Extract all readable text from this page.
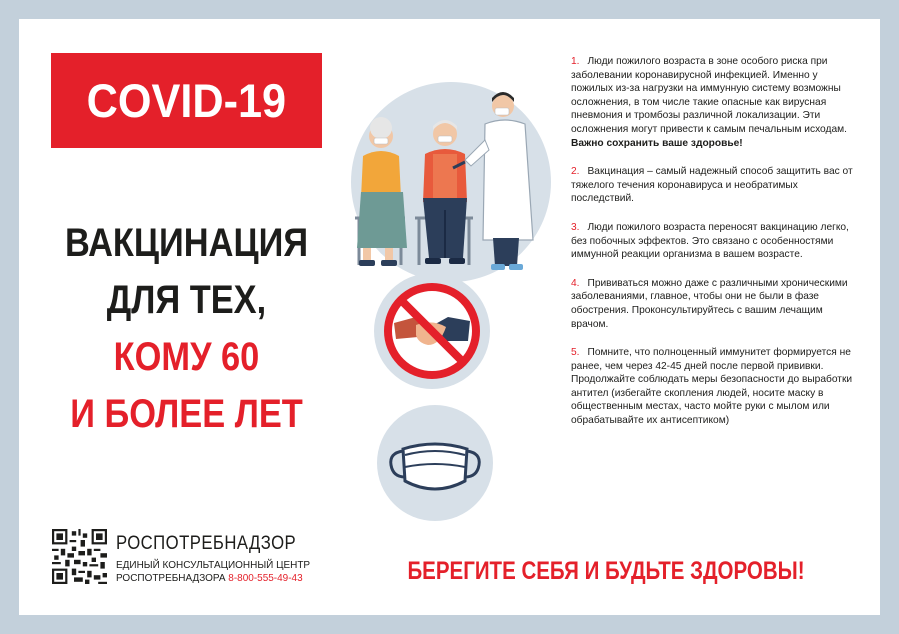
COVID-19
ВАКЦИНАЦИЯ
ДЛЯ ТЕХ,
КОМУ 60
И БОЛЕЕ ЛЕТ

1. Люди пожилого возраста в зоне особого риска при заболевании коронавирусной инфекцией. Именно у пожилых из-за нагрузки на иммунную систему возможны осложнения, в том числе такие опасные как вирусная пневмония и тромбозы различной локализации. Эти осложнения могут привести к самым печальным исходам. Важно сохранить ваше здоровье!

2. Вакцинация – самый надежный способ защитить вас от тяжелого течения коронавируса и необратимых последствий.

3. Люди пожилого возраста переносят вакцинацию легко, без побочных эффектов. Это связано с особенностями иммунной реакции организма в вашем возрасте.

4. Прививаться можно даже с различными хроническими заболеваниями, главное, чтобы они не были в фазе обострения. Проконсультируйтесь с вашим лечащим врачом.

5. Помните, что полноценный иммунитет формируется не ранее, чем через 42-45 дней после первой прививки. Продолжайте соблюдать меры безопасности до выработки антител (избегайте скопления людей, носите маску в общественным местах, часто мойте руки с мылом или обрабатывайте их антисептиком)

РОСПОТРЕБНАДЗОР
ЕДИНЫЙ КОНСУЛЬТАЦИОННЫЙ ЦЕНТР
РОСПОТРЕБНАДЗОРА 8-800-555-49-43	БЕРЕГИТЕ СЕБЯ И БУДЬТЕ ЗДОРОВЫ!
